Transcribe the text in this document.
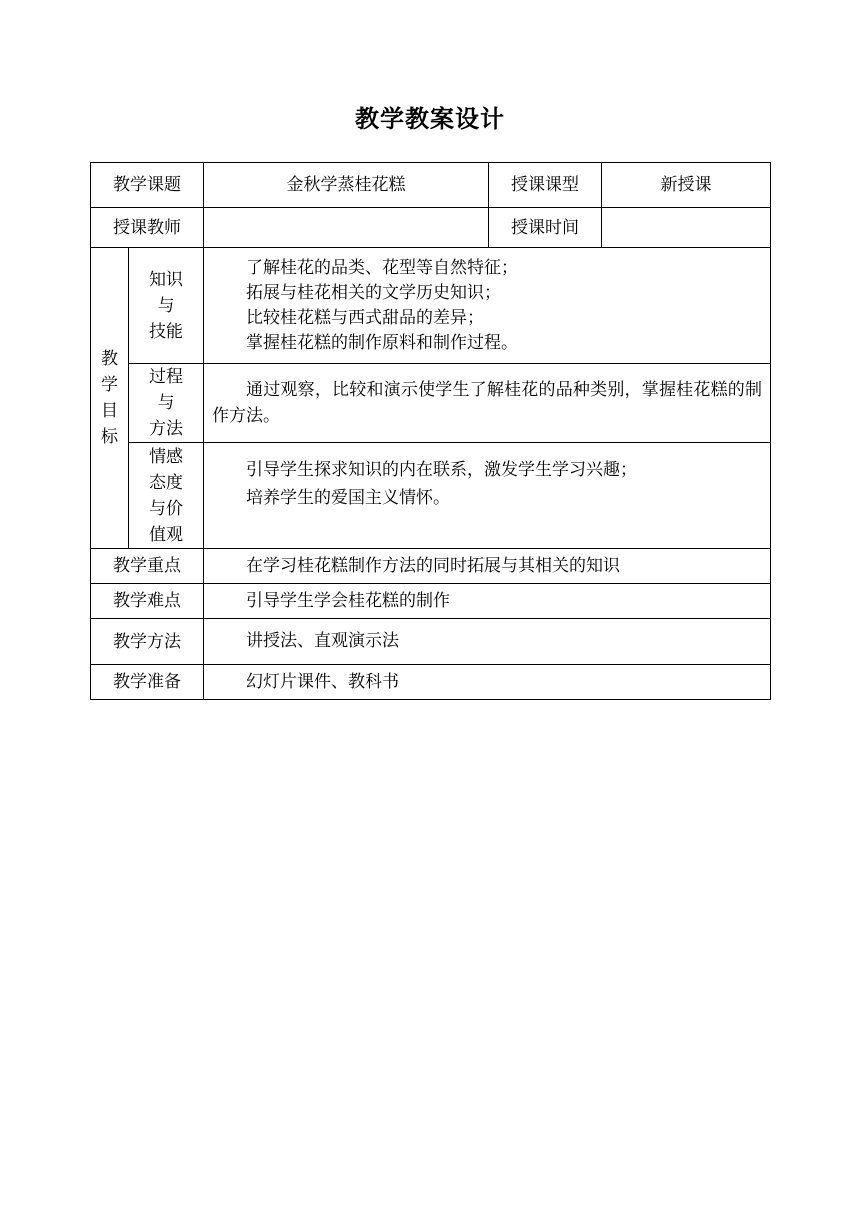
教学教案设计
教学课题		金秋学蒸桂花糕	授课课型	新授课
授课教师			授课时间	

教
学
目
标	知识
与
技能	了解桂花的品类、花型等自然特征；
拓展与桂花相关的文学历史知识；
比较桂花糕与西式甜品的差异；
掌握桂花糕的制作原料和制作过程。		

	过程
与
方法	通过观察，比较和演示使学生了解桂花的品种类别，掌握桂花糕的制作方法。		

	情感
态度
与价
值观	引导学生探求知识的内在联系，激发学生学习兴趣；
培养学生的爱国主义情怀。		

教学重点		在学习桂花糕制作方法的同时拓展与其相关的知识		

教学难点		引导学生学会桂花糕的制作		

教学方法		讲授法、直观演示法		

教学准备		幻灯片课件、教科书		
